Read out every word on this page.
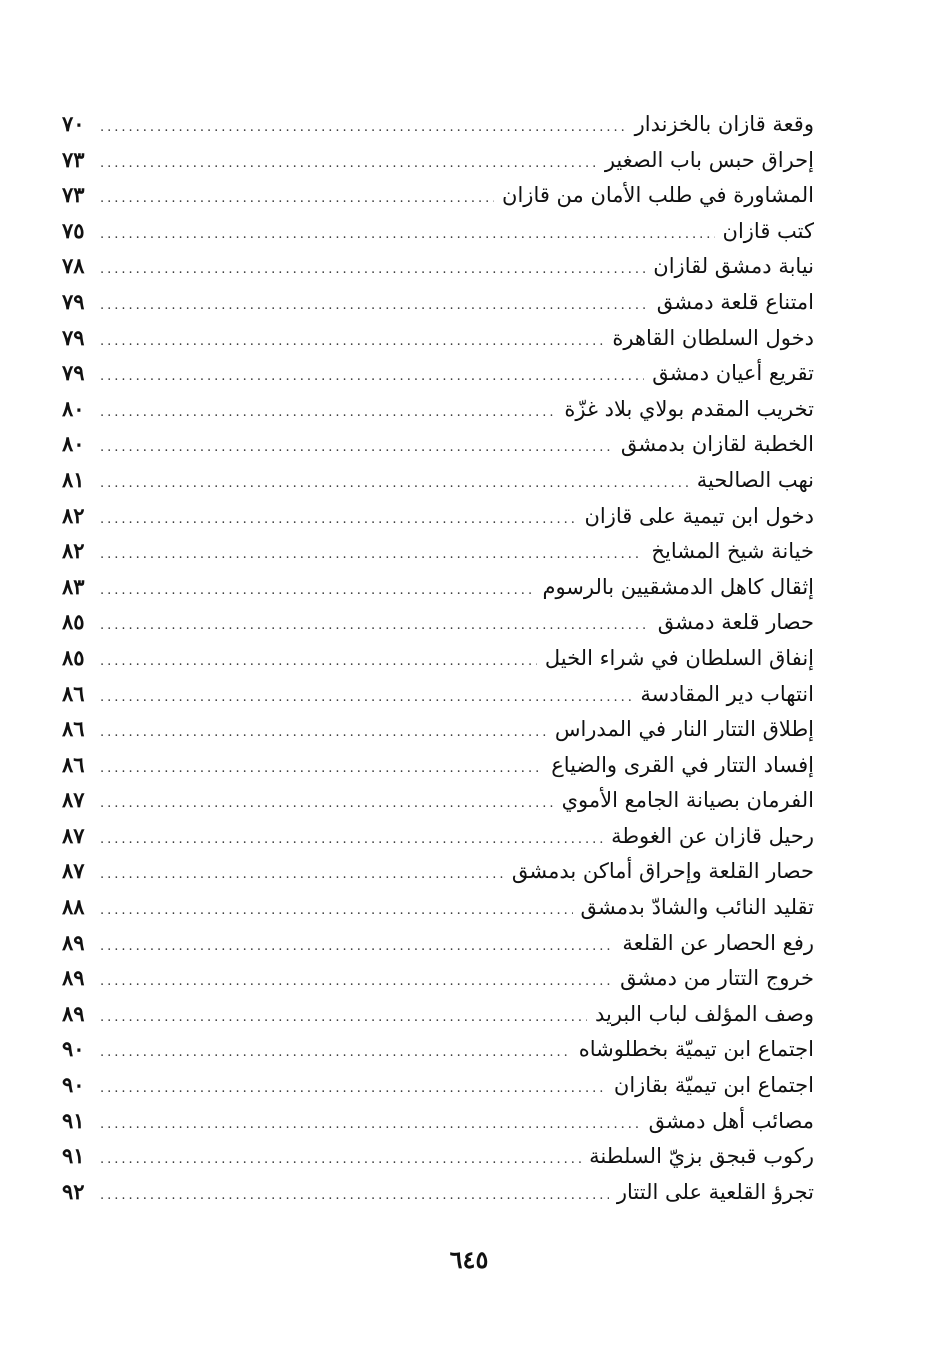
وقعة قازان بالخزندار
.....
٧٠
إحراق حبس باب الصغير
.....
٧٣
المشاورة في طلب الأمان من قازان
.....
٧٣
كتب قازان
.....
٧٥
نيابة دمشق لقازان
.....
٧٨
امتناع قلعة دمشق
.....
٧٩
دخول السلطان القاهرة
.....
٧٩
تقريع أعيان دمشق
.....
٧٩
تخريب المقدم بولاي بلاد غزّة
.....
٨٠
الخطبة لقازان بدمشق
.....
٨٠
نهب الصالحية
.....
٨١
دخول ابن تيمية على قازان
.....
٨٢
خيانة شيخ المشايخ
.....
٨٢
إثقال كاهل الدمشقيين بالرسوم
.....
٨٣
حصار قلعة دمشق
.....
٨٥
إنفاق السلطان في شراء الخيل
.....
٨٥
انتهاب دير المقادسة
.....
٨٦
إطلاق التتار النار في المدراس
.....
٨٦
إفساد التتار في القرى والضياع
.....
٨٦
الفرمان بصيانة الجامع الأموي
.....
٨٧
رحيل قازان عن الغوطة
.....
٨٧
حصار القلعة وإحراق أماكن بدمشق
.....
٨٧
تقليد النائب والشادّ بدمشق
.....
٨٨
رفع الحصار عن القلعة
.....
٨٩
خروج التتار من دمشق
.....
٨٩
وصف المؤلف لباب البريد
.....
٨٩
اجتماع ابن تيميّة بخطلوشاه
.....
٩٠
اجتماع ابن تيميّة بقازان
.....
٩٠
مصائب أهل دمشق
.....
٩١
ركوب قبجق بزيّ السلطنة
.....
٩١
تجرؤ القلعية على التتار
.....
٩٢
٦٤٥
